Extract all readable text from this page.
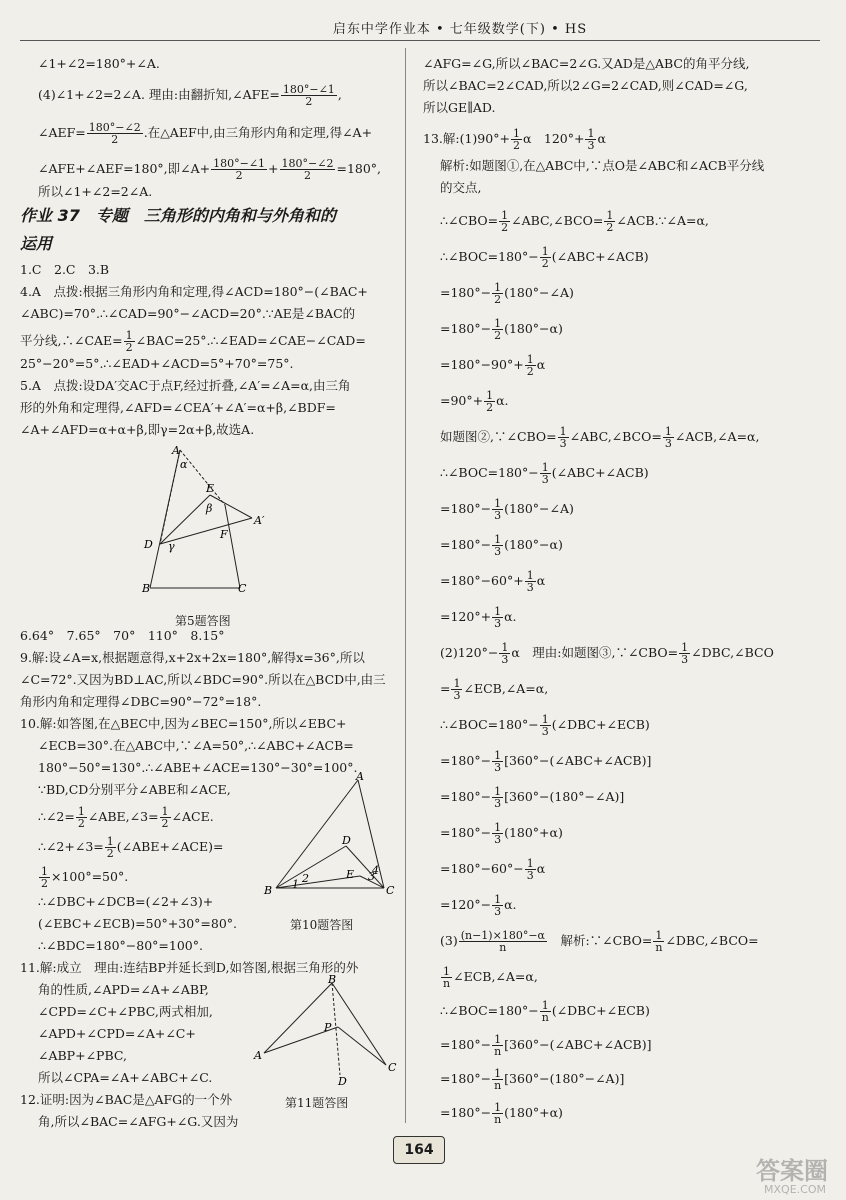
启东中学作业本 • 七年级数学(下) • HS
∠1+∠2=180°+∠A.
(4)∠1+∠2=2∠A. 理由:由翻折知,∠AFE= $\frac{180^\circ-\angle 1}{2}$ ,
∠AEF= $\frac{180^\circ-\angle 2}{2}$ .在△AEF中,由三角形内角和定理,得∠A+
∠AFE+∠AEF=180°,即∠A+ $\frac{180^\circ-\angle 1}{2} + \frac{180^\circ-\angle 2}{2} =180^\circ$,
所以∠1+∠2=2∠A.
作业 37　专题　三角形的内角和与外角和的
运用
1.C　2.C　3.B
4.A　点拨:根据三角形内角和定理,得∠ACD=180°−(∠BAC+
∠ABC)=70°.∴∠CAD=90°−∠ACD=20°.∵AE是∠BAC的
平分线,∴∠CAE= $\frac{1}{2}$ ∠BAC=25°.∴∠EAD=∠CAE−∠CAD=
25°−20°=5°.∴∠EAD+∠ACD=5°+70°=75°.
5.A　点拨:设DA′交AC于点F,经过折叠,∠A′=∠A=α,由三角
形的外角和定理得,∠AFD=∠CEA′+∠A′=α+β,∠BDF=
∠A+∠AFD=α+α+β,即γ=2α+β,故选A.
A
D
E
A′
F
B	C
α
β
γ
第5题答图
6.64°　7.65°　70°　110°　8.15°
9.解:设∠A=x,根据题意得,x+2x+2x=180°,解得x=36°,所以
∠C=72°.又因为BD⊥AC,所以∠BDC=90°.所以在△BCD中,由三
角形内角和定理得∠DBC=90°−72°=18°.
10.解:如答图,在△BEC中,因为∠BEC=150°,所以∠EBC+
∠ECB=30°.在△ABC中,∵∠A=50°,∴∠ABC+∠ACB=
180°−50°=130°.∴∠ABE+∠ACE=130°−30°=100°.
∵BD,CD分别平分∠ABE和∠ACE,
∴∠2= $\frac{1}{2}$ ∠ABE,∠3= $\frac{1}{2}$ ∠ACE.
∴∠2+∠3= $\frac{1}{2}$ (∠ABE+∠ACE)=
$\frac{1}{2} \times 100^\circ=50^\circ$.
∴∠DBC+∠DCB=(∠2+∠3)+
(∠EBC+∠ECB)=50°+30°=80°.
∴∠BDC=180°−80°=100°.
A
D
E
B	C
1 2	3
4
第10题答图
11.解:成立　理由:连结BP并延长到D,如答图,根据三角形的外
角的性质,∠APD=∠A+∠ABP,
∠CPD=∠C+∠PBC,两式相加,
∠APD+∠CPD=∠A+∠C+
∠ABP+∠PBC,
所以∠CPA=∠A+∠ABC+∠C.
12.证明:因为∠BAC是△AFG的一个外
角,所以∠BAC=∠AFG+∠G.又因为
B
A
C
P
D
第11题答图
∠AFG=∠G,所以∠BAC=2∠G.又AD是△ABC的角平分线,
所以∠BAC=2∠CAD,所以2∠G=2∠CAD,则∠CAD=∠G,
所以GE∥AD.
13.解:(1)90°+ $\frac{1}{2}$ α　$120^\circ+ \frac{1}{3}$ α
解析:如题图①,在△ABC中,∵点O是∠ABC和∠ACB平分线
的交点,
∴∠CBO= $\frac{1}{2}$ ∠ABC,∠BCO= $\frac{1}{2}$ ∠ACB.∵∠A=α,
∴∠BOC=180°− $\frac{1}{2}$ (∠ABC+∠ACB)
$=180^\circ- \frac{1}{2}$ (180°−∠A)
$=180^\circ- \frac{1}{2} (180^\circ-\alpha)$
$=180^\circ-90^\circ+ \frac{1}{2}$ α
$=90^\circ+ \frac{1}{2} \alpha$.
如题图②,∵∠CBO= $\frac{1}{3}$ ∠ABC,∠BCO= $\frac{1}{3}$ ∠ACB,∠A=α,
∴∠BOC=180°− $\frac{1}{3}$ (∠ABC+∠ACB)
$=180^\circ- \frac{1}{3}$ (180°−∠A)
$=180^\circ- \frac{1}{3} (180^\circ-\alpha)$
$=180^\circ-60^\circ+ \frac{1}{3}$ α
$=120^\circ+ \frac{1}{3} \alpha$.
$(2)120^\circ- \frac{1}{3}$ α　理由:如题图③,∵∠CBO= $\frac{1}{3}$ ∠DBC,∠BCO
= $\frac{1}{3}$ ∠ECB,∠A=α,
∴∠BOC=180°− $\frac{1}{3}$ (∠DBC+∠ECB)
$=180^\circ- \frac{1}{3}$ [360°−(∠ABC+∠ACB)]
$=180^\circ- \frac{1}{3}$ [360°−(180°−∠A)]
$=180^\circ- \frac{1}{3} (180^\circ+\alpha)$
$=180^\circ-60^\circ- \frac{1}{3}$ α
$=120^\circ- \frac{1}{3} \alpha$.
$(3) \frac{(n-1)\times 180^\circ-\alpha}{n}$ 　解析:∵∠CBO= $\frac{1}{n}$ ∠DBC,∠BCO=
$\frac{1}{n}$ ∠ECB,∠A=α,
∴∠BOC=180°− $\frac{1}{n}$ (∠DBC+∠ECB)
$=180^\circ- \frac{1}{n}$ [360°−(∠ABC+∠ACB)]
$=180^\circ- \frac{1}{n}$ [360°−(180°−∠A)]
$=180^\circ- \frac{1}{n} (180^\circ+\alpha)$
164
答案圈
MXQE.COM
